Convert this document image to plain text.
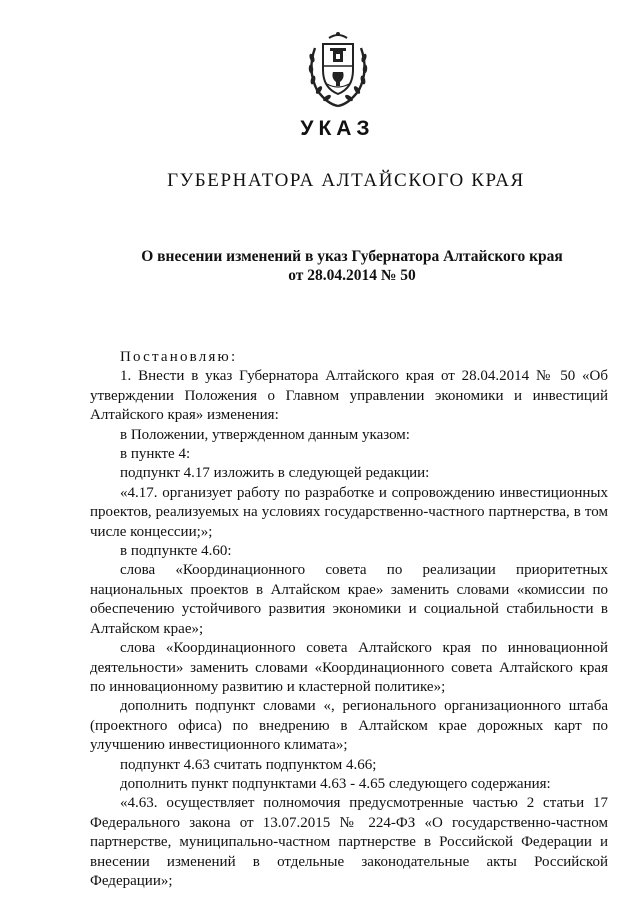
УКАЗ
ГУБЕРНАТОРА АЛТАЙСКОГО КРАЯ
О внесении изменений в указ Губернатора Алтайского края
от 28.04.2014 № 50

Постановляю:

1. Внести в указ Губернатора Алтайского края от 28.04.2014 № 50 «Об утверждении Положения о Главном управлении экономики и инвестиций Алтайского края» изменения:

в Положении, утвержденном данным указом:

в пункте 4:

подпункт 4.17 изложить в следующей редакции:

«4.17. организует работу по разработке и сопровождению инвестиционных проектов, реализуемых на условиях государственно-частного партнерства, в том числе концессии;»;

в подпункте 4.60:

слова «Координационного совета по реализации приоритетных национальных проектов в Алтайском крае» заменить словами «комиссии по обеспечению устойчивого развития экономики и социальной стабильности в Алтайском крае»;

слова «Координационного совета Алтайского края по инновационной деятельности» заменить словами «Координационного совета Алтайского края по инновационному развитию и кластерной политике»;

дополнить подпункт словами «, регионального организационного штаба (проектного офиса) по внедрению в Алтайском крае дорожных карт по улучшению инвестиционного климата»;

подпункт 4.63 считать подпунктом 4.66;

дополнить пункт подпунктами 4.63 - 4.65 следующего содержания:

«4.63. осуществляет полномочия предусмотренные частью 2 статьи 17 Федерального закона от 13.07.2015 № 224-ФЗ «О государственно-частном партнерстве, муниципально-частном партнерстве в Российской Федерации и внесении изменений в отдельные законодательные акты Российской Федерации»;
